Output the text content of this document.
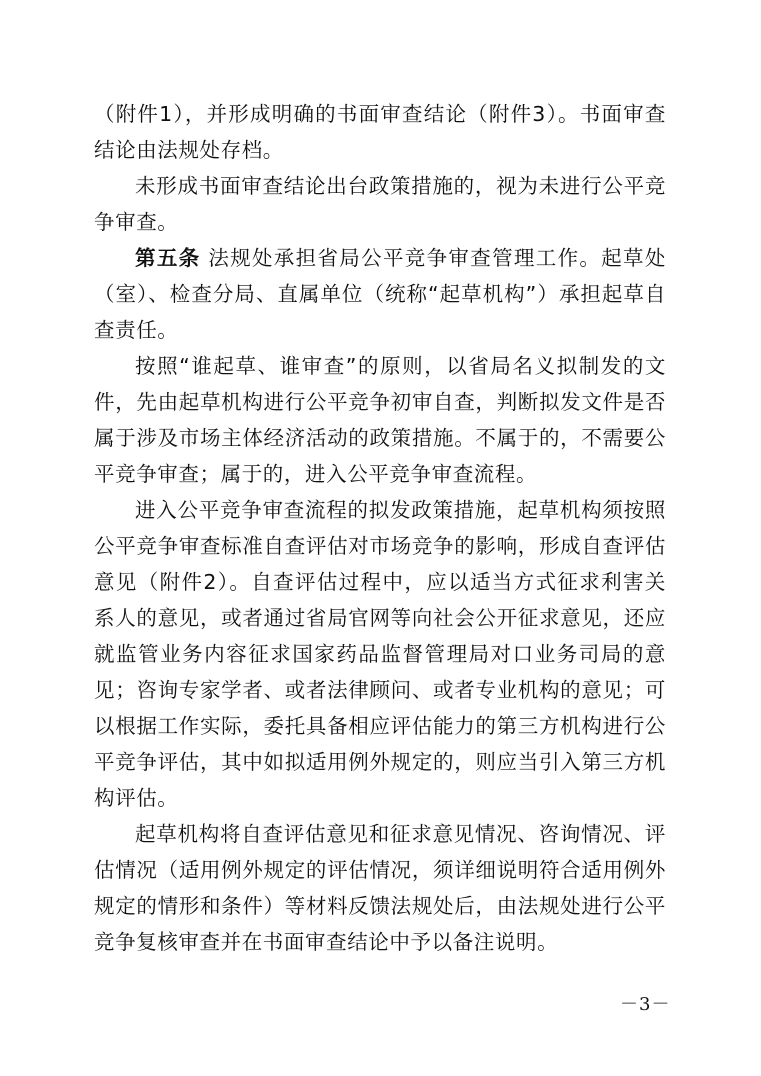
（附件1），并形成明确的书面审查结论（附件3）。书面审查结论由法规处存档。

未形成书面审查结论出台政策措施的，视为未进行公平竞争审查。

第五条 法规处承担省局公平竞争审查管理工作。起草处（室）、检查分局、直属单位（统称“起草机构”）承担起草自查责任。

按照“谁起草、谁审查”的原则，以省局名义拟制发的文件，先由起草机构进行公平竞争初审自查，判断拟发文件是否属于涉及市场主体经济活动的政策措施。不属于的，不需要公平竞争审查；属于的，进入公平竞争审查流程。

进入公平竞争审查流程的拟发政策措施，起草机构须按照公平竞争审查标准自查评估对市场竞争的影响，形成自查评估意见（附件2）。自查评估过程中，应以适当方式征求利害关系人的意见，或者通过省局官网等向社会公开征求意见，还应就监管业务内容征求国家药品监督管理局对口业务司局的意见；咨询专家学者、或者法律顾问、或者专业机构的意见；可以根据工作实际，委托具备相应评估能力的第三方机构进行公平竞争评估，其中如拟适用例外规定的，则应当引入第三方机构评估。

起草机构将自查评估意见和征求意见情况、咨询情况、评估情况（适用例外规定的评估情况，须详细说明符合适用例外规定的情形和条件）等材料反馈法规处后，由法规处进行公平竞争复核审查并在书面审查结论中予以备注说明。

－3－
